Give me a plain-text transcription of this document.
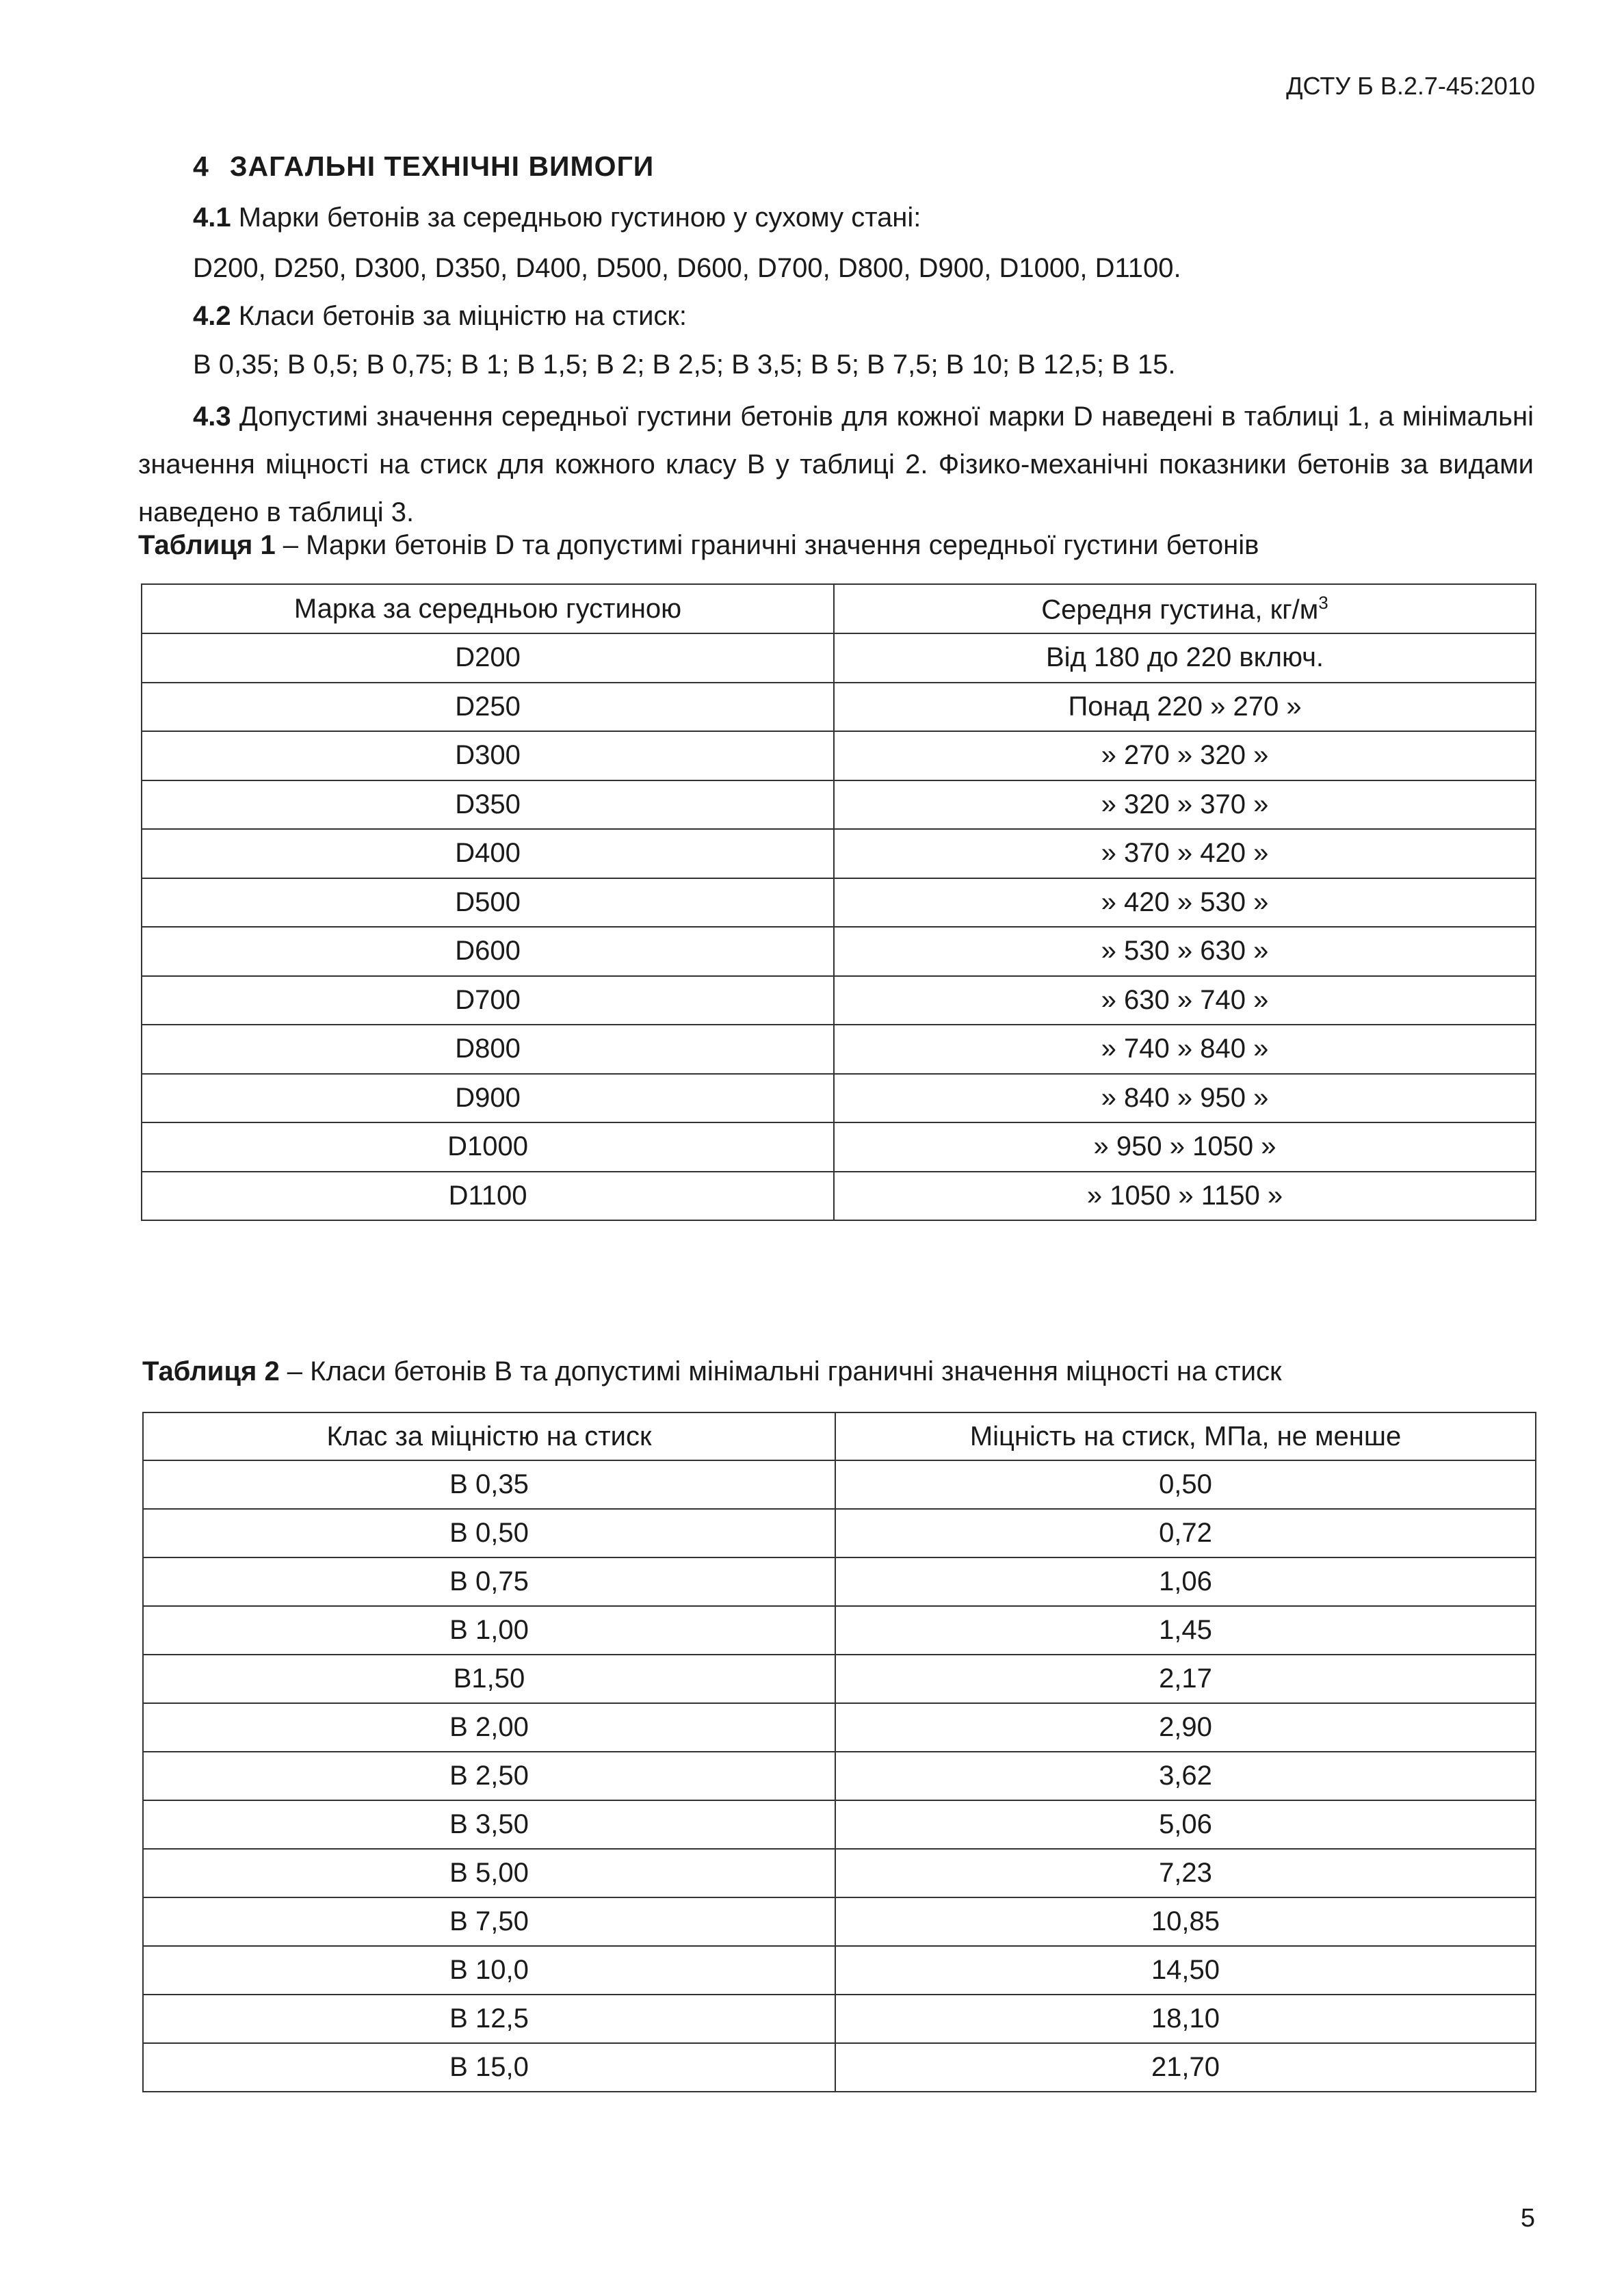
ДСТУ Б В.2.7-45:2010
4 ЗАГАЛЬНІ ТЕХНІЧНІ ВИМОГИ
4.1 Марки бетонів за середньою густиною у сухому стані:
D200, D250, D300, D350, D400, D500, D600, D700, D800, D900, D1000, D1100.
4.2 Класи бетонів за міцністю на стиск:
В 0,35; В 0,5; В 0,75; В 1; В 1,5; В 2; В 2,5; В 3,5; В 5; В 7,5; В 10; В 12,5; В 15.
4.3 Допустимі значення середньої густини бетонів для кожної марки D наведені в таблиці 1, а мінімальні значення міцності на стиск для кожного класу В у таблиці 2. Фізико-механічні показники бетонів за видами наведено в таблиці 3.
Таблиця 1 – Марки бетонів D та допустимі граничні значення середньої густини бетонів
Марка за середньою густиною	Середня густина, $кг/м^3$
D200	Від 180 до 220 включ.
D250	Понад 220 » 270 »
D300	» 270 » 320 »
D350	» 320 » 370 »
D400	» 370 » 420 »
D500	» 420 » 530 »
D600	» 530 » 630 »
D700	» 630 » 740 »
D800	» 740 » 840 »
D900	» 840 » 950 »
D1000	» 950 » 1050 »
D1100	» 1050 » 1150 »
Таблиця 2 – Класи бетонів В та допустимі мінімальні граничні значення міцності на стиск
Клас за міцністю на стиск	Міцність на стиск, МПа, не менше
В 0,35	0,50
В 0,50	0,72
В 0,75	1,06
В 1,00	1,45
В1,50	2,17
В 2,00	2,90
В 2,50	3,62
В 3,50	5,06
В 5,00	7,23
В 7,50	10,85
В 10,0	14,50
В 12,5	18,10
В 15,0	21,70
5
